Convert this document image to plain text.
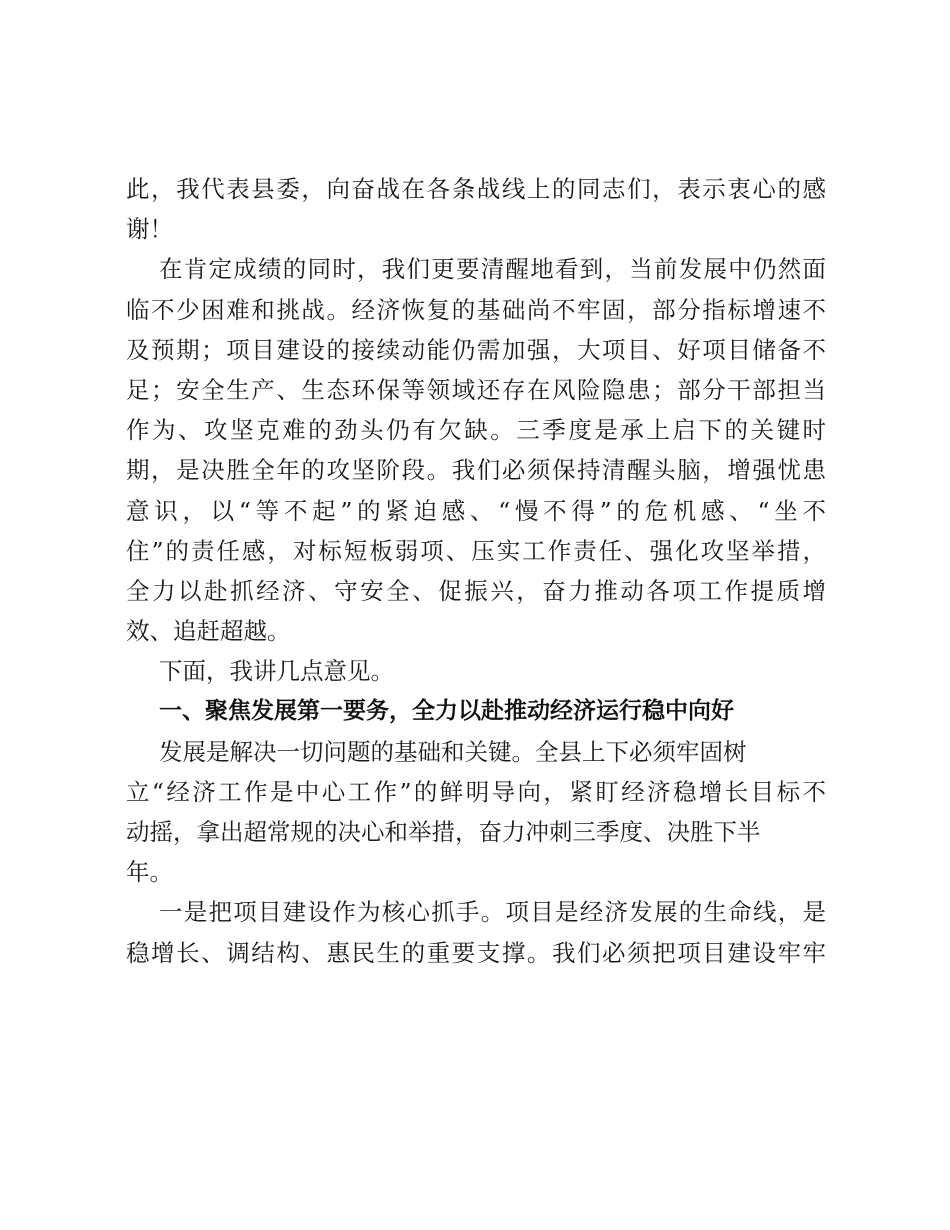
此，我代表县委，向奋战在各条战线上的同志们，表示衷心的感
谢！
在肯定成绩的同时，我们更要清醒地看到，当前发展中仍然面
临不少困难和挑战。经济恢复的基础尚不牢固，部分指标增速不
及预期；项目建设的接续动能仍需加强，大项目、好项目储备不
足；安全生产、生态环保等领域还存在风险隐患；部分干部担当
作为、攻坚克难的劲头仍有欠缺。三季度是承上启下的关键时
期，是决胜全年的攻坚阶段。我们必须保持清醒头脑，增强忧患
意识，以“等不起”的紧迫感、“慢不得”的危机感、“坐不
住”的责任感，对标短板弱项、压实工作责任、强化攻坚举措，
全力以赴抓经济、守安全、促振兴，奋力推动各项工作提质增
效、追赶超越。
下面，我讲几点意见。
一、聚焦发展第一要务，全力以赴推动经济运行稳中向好
发展是解决一切问题的基础和关键。全县上下必须牢固树
立“经济工作是中心工作”的鲜明导向，紧盯经济稳增长目标不
动摇，拿出超常规的决心和举措，奋力冲刺三季度、决胜下半
年。
一是把项目建设作为核心抓手。项目是经济发展的生命线，是
稳增长、调结构、惠民生的重要支撑。我们必须把项目建设牢牢
